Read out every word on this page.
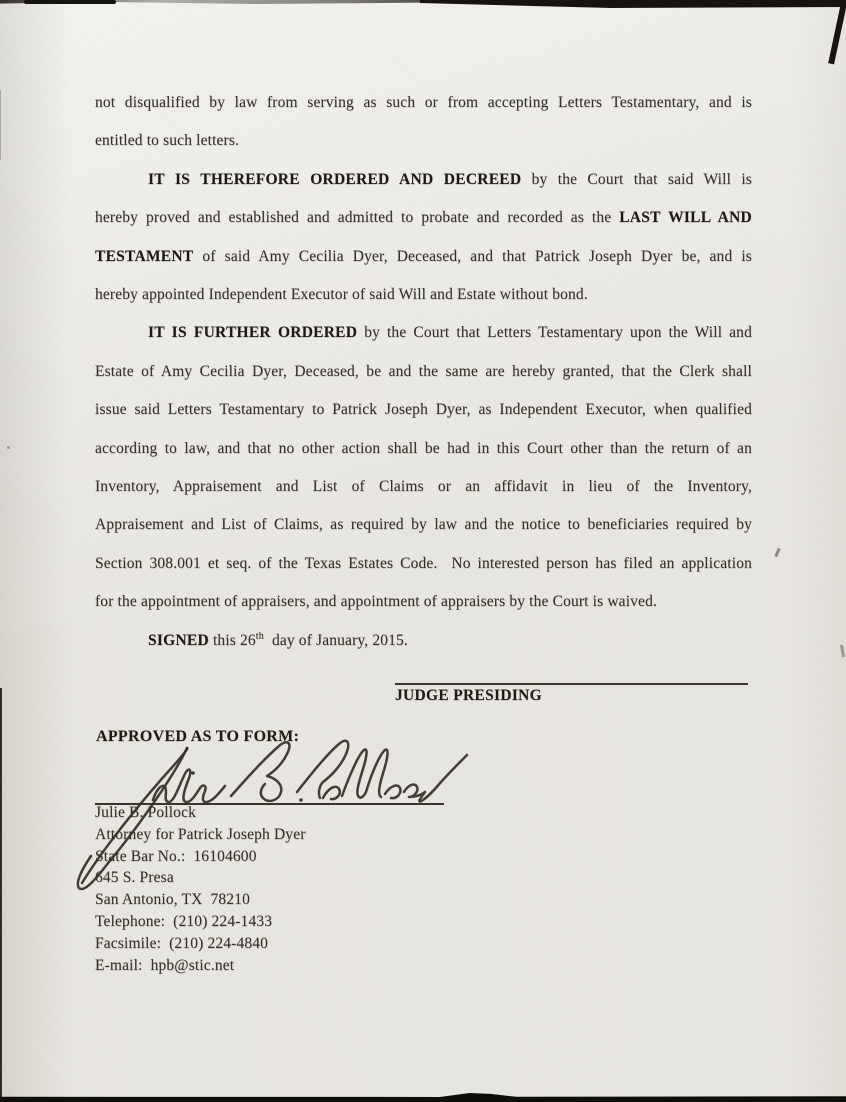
not disqualified by law from serving as such or from accepting Letters Testamentary, and is
entitled to such letters.
IT IS THEREFORE ORDERED AND DECREED by the Court that said Will is
hereby proved and established and admitted to probate and recorded as the LAST WILL AND
TESTAMENT of said Amy Cecilia Dyer, Deceased, and that Patrick Joseph Dyer be, and is
hereby appointed Independent Executor of said Will and Estate without bond.
IT IS FURTHER ORDERED by the Court that Letters Testamentary upon the Will and
Estate of Amy Cecilia Dyer, Deceased, be and the same are hereby granted, that the Clerk shall
issue said Letters Testamentary to Patrick Joseph Dyer, as Independent Executor, when qualified
according to law, and that no other action shall be had in this Court other than the return of an
Inventory, Appraisement and List of Claims or an affidavit in lieu of the Inventory,
Appraisement and List of Claims, as required by law and the notice to beneficiaries required by
Section 308.001 et seq. of the Texas Estates Code.  No interested person has filed an application
for the appointment of appraisers, and appointment of appraisers by the Court is waived.
SIGNED this 26th  day of January, 2015.
JUDGE PRESIDING
APPROVED AS TO FORM:
Julie B. Pollock
Attorney for Patrick Joseph Dyer
State Bar No.:  16104600
645 S. Presa
San Antonio, TX  78210
Telephone:  (210) 224-1433
Facsimile:  (210) 224-4840
E-mail:  hpb@stic.net
